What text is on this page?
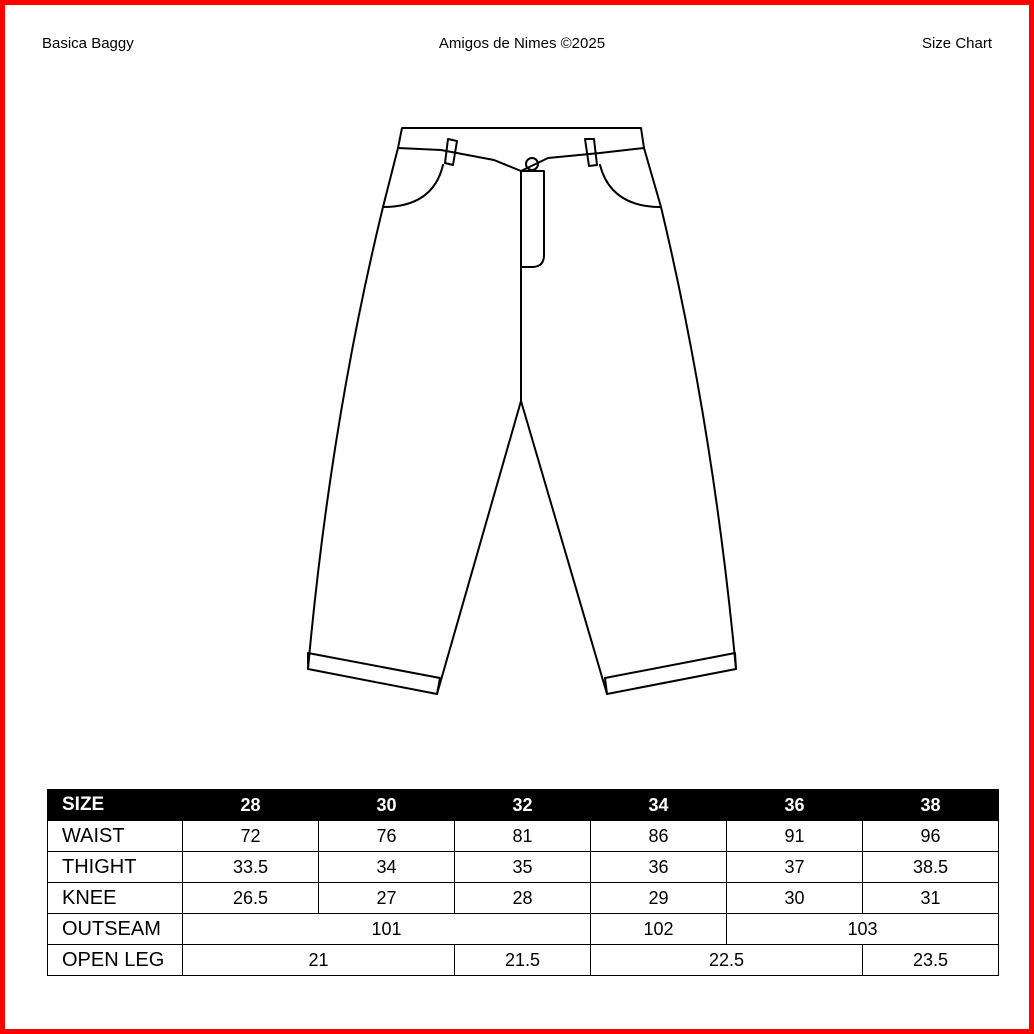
Basica Baggy	Amigos de Nimes ©2025	Size Chart
SIZE	28	30	32	34	36	38
WAIST	72	76	81	86	91	96
THIGHT	33.5	34	35	36	37	38.5
KNEE	26.5	27	28	29	30	31
OUTSEAM	101			102	103	
OPEN LEG	21		21.5	22.5		23.5
